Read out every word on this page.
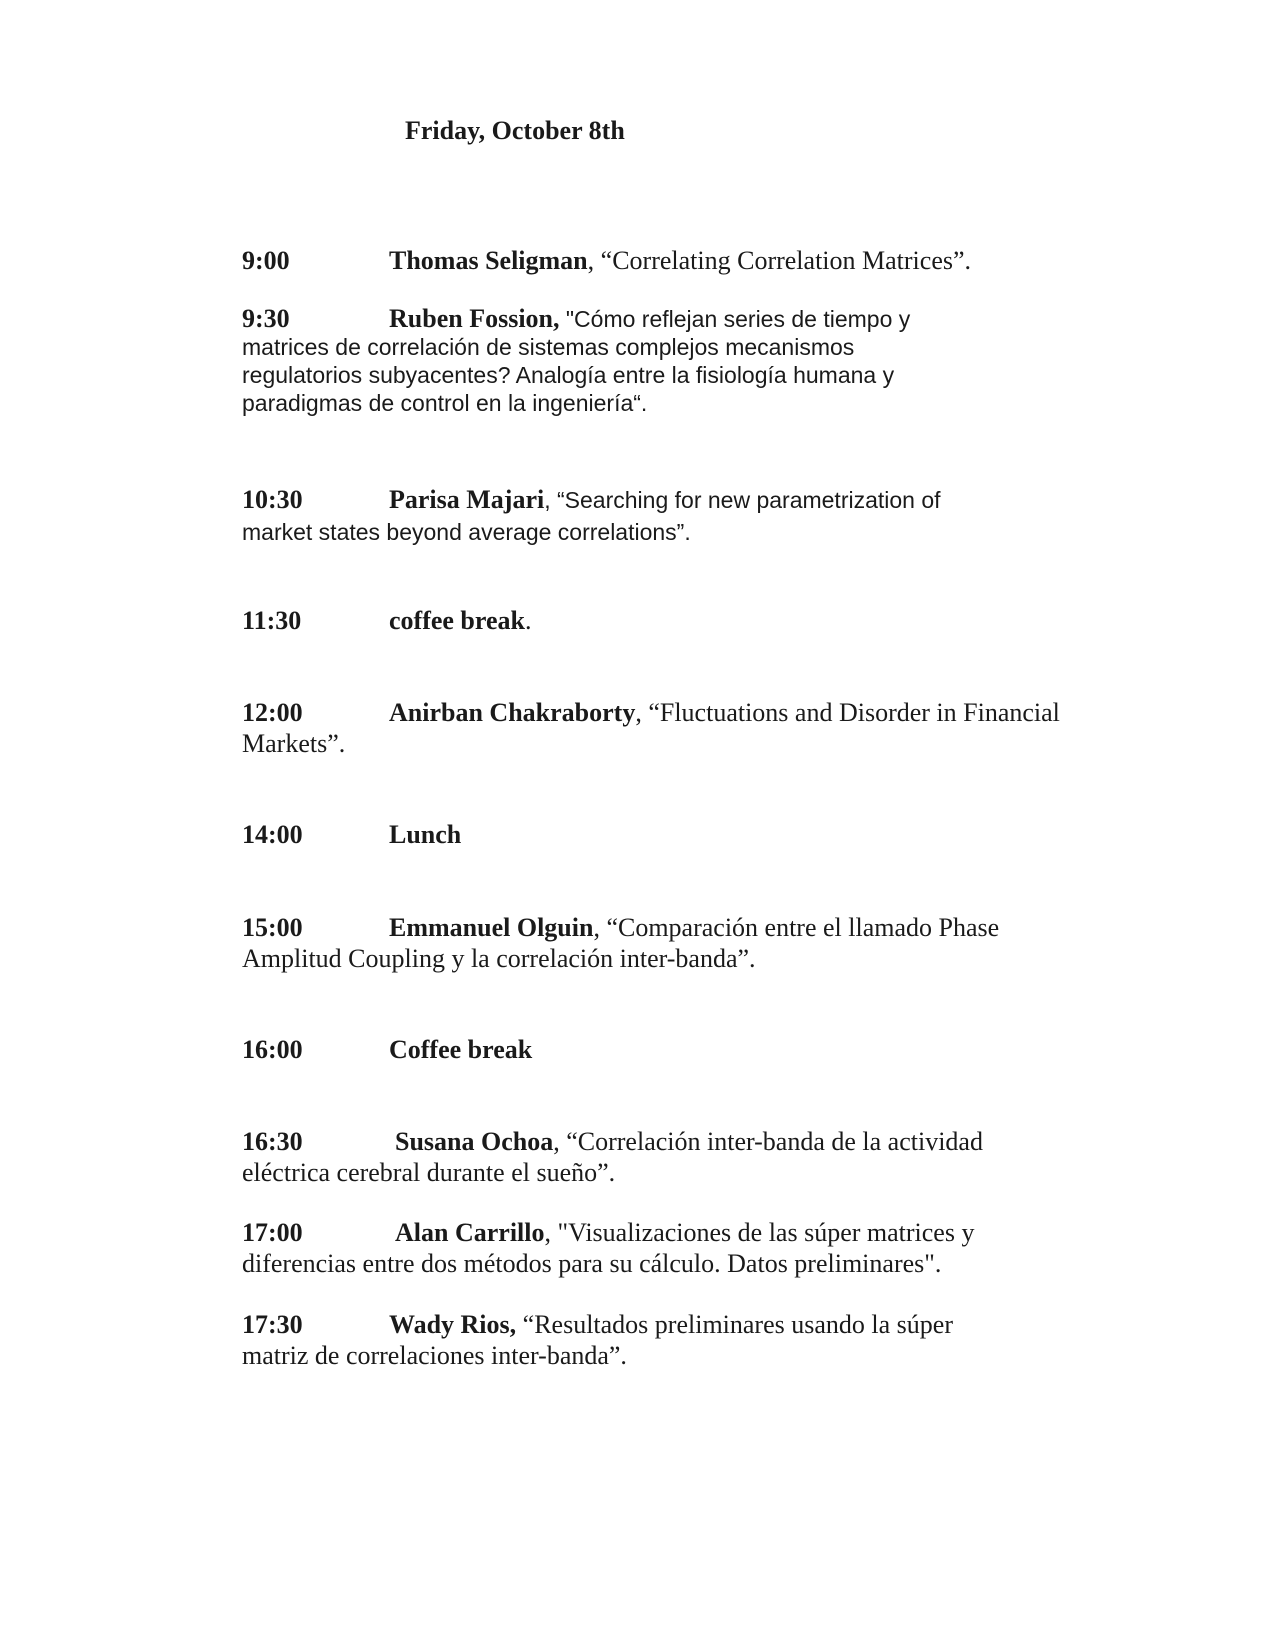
Friday, October 8th

9:00	Thomas Seligman, “Correlating Correlation Matrices”.

9:30	Ruben Fossion, "Cómo reflejan series de tiempo y matrices de correlación de sistemas complejos mecanismos regulatorios subyacentes? Analogía entre la fisiología humana y paradigmas de control en la ingeniería“.

10:30	Parisa Majari, “Searching for new parametrization of market states beyond average correlations”.

11:30	coffee break.

12:00	Anirban Chakraborty, “Fluctuations and Disorder in Financial Markets”.

14:00	Lunch

15:00	Emmanuel Olguin, “Comparación entre el llamado Phase Amplitud Coupling y la correlación inter-banda”.

16:00	Coffee break

16:30	Susana Ochoa, “Correlación inter-banda de la actividad eléctrica cerebral durante el sueño”.

17:00	Alan Carrillo, "Visualizaciones de las súper matrices y diferencias entre dos métodos para su cálculo. Datos preliminares".

17:30	Wady Rios, “Resultados preliminares usando la súper matriz de correlaciones inter-banda”.
